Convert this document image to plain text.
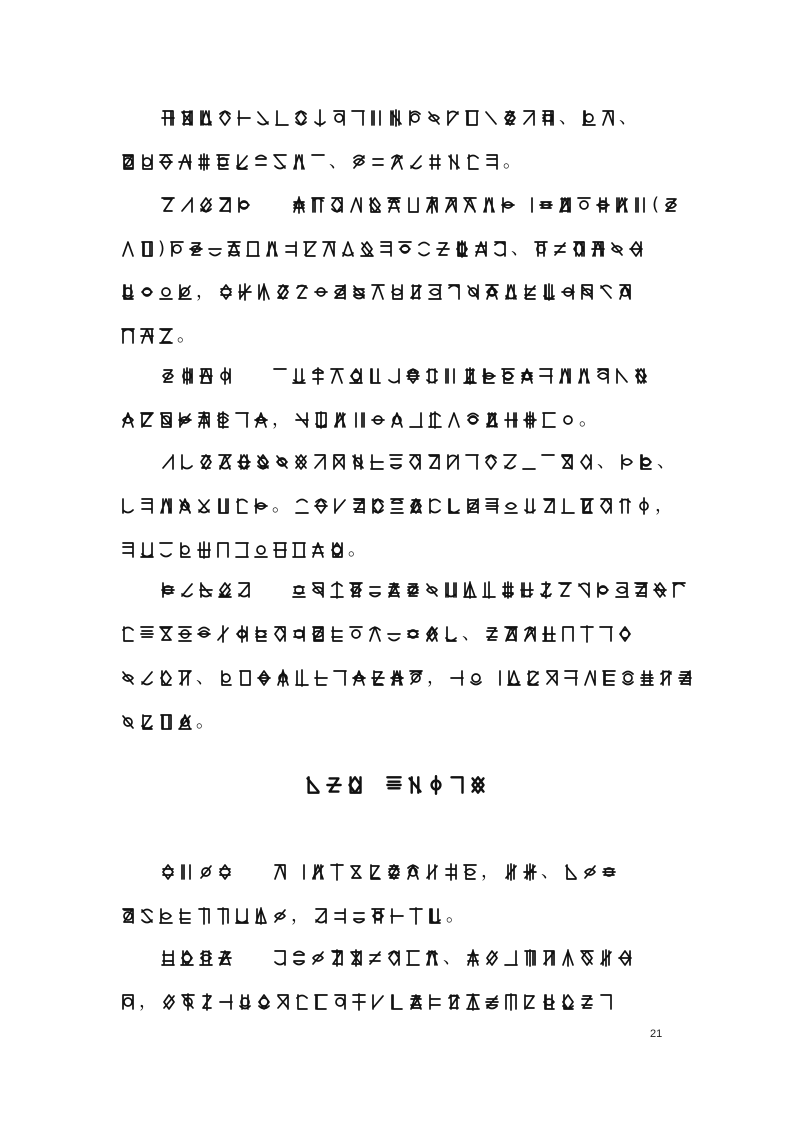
、 、
、	。
(
)	、
，
。
，	。
、 、
。	，
。
、
、	，
。
， 、
，	。
、
，
21
